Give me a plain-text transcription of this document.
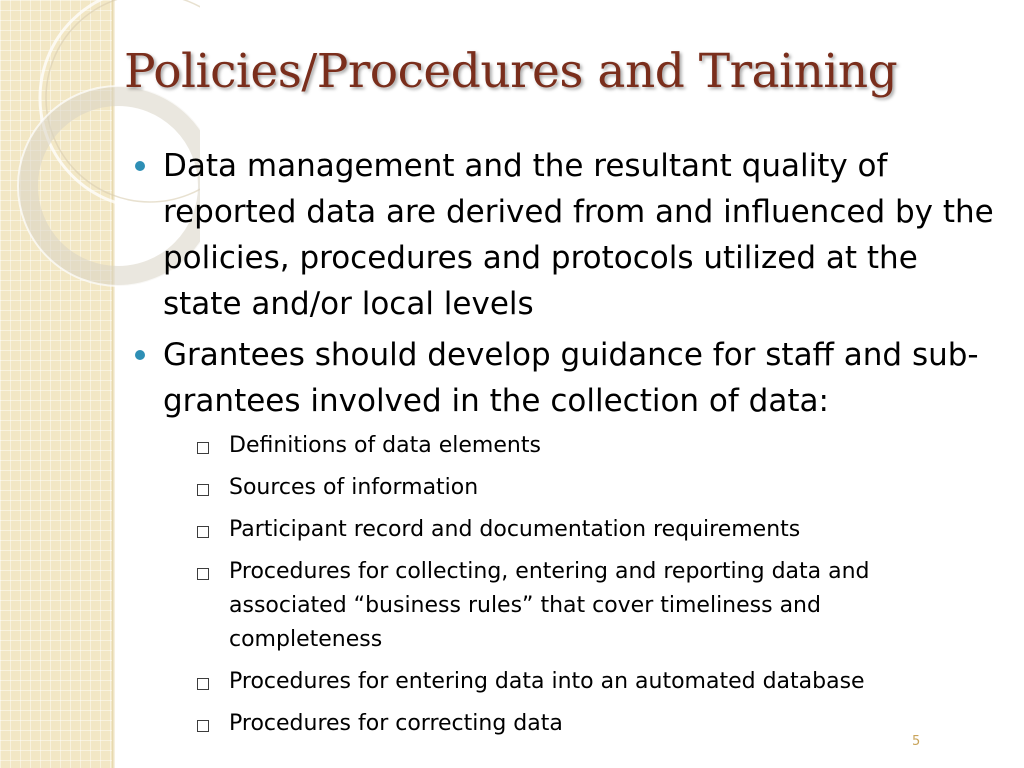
Policies/Procedures and Training
Data management and the resultant quality of reported data are derived from and influenced by the policies, procedures and protocols utilized at the state and/or local levels
Grantees should develop guidance for staff and sub-grantees involved in the collection of data:
Definitions of data elements
Sources of information
Participant record and documentation requirements
Procedures for collecting, entering and reporting data and associated “business rules” that cover timeliness and completeness
Procedures for entering data into an automated database
Procedures for correcting data
5
